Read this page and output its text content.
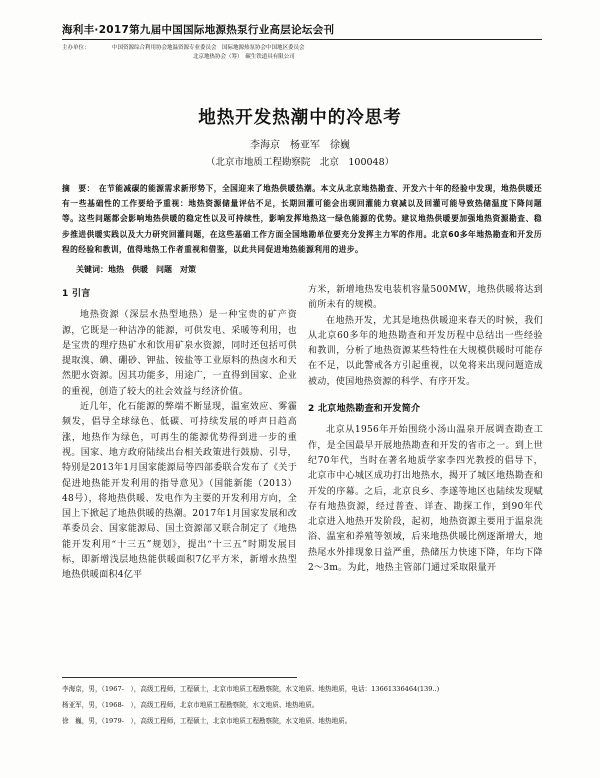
海利丰·2017第九届中国国际地源热泵行业高层论坛会刊
主办单位：	中国资源综合利用协会地温资源专业委员会　国际地源热泵协会中国地区委员会
北京地热协会（筹）　碳生铁道具有限公司
地热开发热潮中的冷思考
李海京　杨亚军　徐巍
（北京市地质工程勘察院　北京　100048）
摘　要： 在节能减碳的能源需求新形势下，全国迎来了地热供暖热潮。本文从北京地热勘查、开发六十年的经验中发现，地热供暖还有一些基础性的工作要给予重视：地热资源储量评估不足，长期回灌可能会出现回灌能力衰减以及回灌可能导致热储温度下降问题等。这些问题都会影响地热供暖的稳定性以及可持续性，影响发挥地热这一绿色能源的优势。建议地热供暖要加强地热资源勘查、稳步推进供暖实践以及大力研究回灌问题，在这些基础工作方面全国地勘单位要充分发挥主力军的作用。北京60多年地热勘查和开发历程的经验和教训，值得地热工作者重视和借鉴，以此共同促进地热能源利用的进步。
关键词：地热　供暖　问题　对策
1 引言

地热资源（深层水热型地热）是一种宝贵的矿产资源，它既是一种洁净的能源，可供发电、采暖等利用，也是宝贵的理疗热矿水和饮用矿泉水资源，同时还包括可供提取溴、碘、硼砂、钾盐、铵盐等工业原料的热卤水和天然肥水资源。因其功能多，用途广，一直得到国家、企业的重视，创造了较大的社会效益与经济价值。

近几年，化石能源的弊端不断显现，温室效应、雾霾频发，倡导全球绿色、低碳、可持续发展的呼声日趋高涨，地热作为绿色，可再生的能源优势得到进一步的重视。国家、地方政府陆续出台相关政策进行鼓励、引导，特别是2013年1月国家能源局等四部委联合发布了《关于促进地热能开发利用的指导意见》（国能新能（2013）48号），将地热供暖、发电作为主要的开发利用方向，全国上下掀起了地热供暖的热潮。2017年1月国家发展和改革委员会、国家能源局、国土资源部又联合制定了《地热能开发利用“十三五”规划》，提出“十三五”时期发展目标，即新增浅层地热能供暖面积7亿平方米，新增水热型地热供暖面积4亿平

方米，新增地热发电装机容量500MW，地热供暖将达到前所未有的规模。

在地热开发，尤其是地热供暖迎来春天的时候，我们从北京60多年的地热勘查和开发历程中总结出一些经验和教训，分析了地热资源某些特性在大规模供暖时可能存在不足，以此警戒各方引起重视，以免将来出现问题造成被动，使国地热资源的科学、有序开发。

2 北京地热勘查和开发简介

北京从1956年开始围绕小汤山温泉开展调查勘查工作，是全国最早开展地热勘查和开发的省市之一。到上世纪70年代，当时在著名地质学家李四光教授的倡导下，北京市中心城区成功打出地热水，揭开了城区地热勘查和开发的序幕。之后，北京良乡、李遂等地区也陆续发现赋存有地热资源，经过普查、详查、勘探工作，到90年代北京进入地热开发阶段，起初，地热资源主要用于温泉洗浴、温室和养殖等领域，后来地热供暖比例逐渐增大，地热尾水外排现象日益严重，热储压力快速下降，年均下降2～3m。为此，地热主管部门通过采取限量开

李海京，男，（1967-　），高级工程师，工程硕士，北京市地质工程勘察院，水文地质、地热地质，电话：13661336464(139..)
杨亚军，男，（1968-　），高级工程师，北京市地质工程勘察院，水文地质、地热地质。
徐　巍，男，（1979-　），高级工程师，工程硕士，北京市地质工程勘察院，水文地质、地热地质。
